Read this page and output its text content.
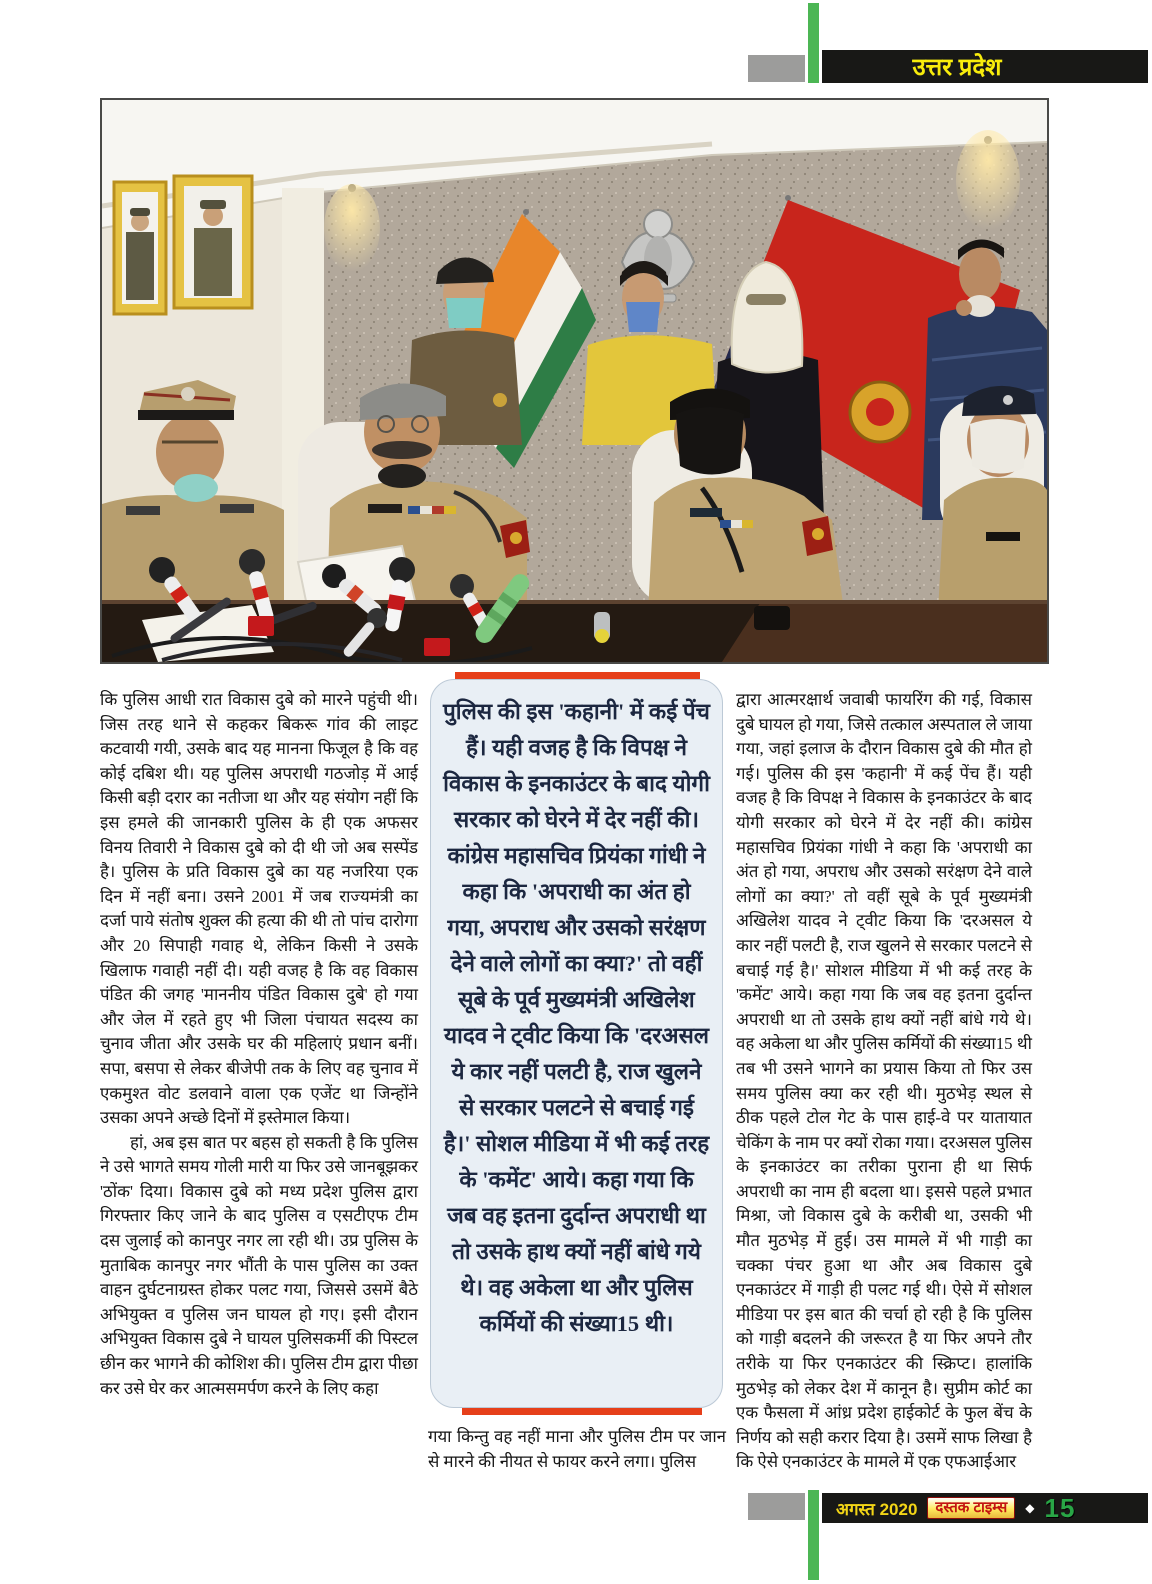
उत्तर प्रदेश

कि पुलिस आधी रात विकास दुबे को मारने पहुंची थी। जिस तरह थाने से कहकर बिकरू गांव की लाइट कटवायी गयी, उसके बाद यह मानना फिजूल है कि वह कोई दबिश थी। यह पुलिस अपराधी गठजोड़ में आई किसी बड़ी दरार का नतीजा था और यह संयोग नहीं कि इस हमले की जानकारी पुलिस के ही एक अफसर विनय तिवारी ने विकास दुबे को दी थी जो अब सस्पेंड है। पुलिस के प्रति विकास दुबे का यह नजरिया एक दिन में नहीं बना। उसने 2001 में जब राज्यमंत्री का दर्जा पाये संतोष शुक्ल की हत्या की थी तो पांच दारोगा और 20 सिपाही गवाह थे, लेकिन किसी ने उसके खिलाफ गवाही नहीं दी। यही वजह है कि वह विकास पंडित की जगह 'माननीय पंडित विकास दुबे' हो गया और जेल में रहते हुए भी जिला पंचायत सदस्य का चुनाव जीता और उसके घर की महिलाएं प्रधान बनीं। सपा, बसपा से लेकर बीजेपी तक के लिए वह चुनाव में एकमुश्त वोट डलवाने वाला एक एजेंट था जिन्होंने उसका अपने अच्छे दिनों में इस्तेमाल किया।

हां, अब इस बात पर बहस हो सकती है कि पुलिस ने उसे भागते समय गोली मारी या फिर उसे जानबूझकर 'ठोंक' दिया। विकास दुबे को मध्य प्रदेश पुलिस द्वारा गिरफ्तार किए जाने के बाद पुलिस व एसटीएफ टीम दस जुलाई को कानपुर नगर ला रही थी। उप्र पुलिस के मुताबिक कानपुर नगर भौंती के पास पुलिस का उक्त वाहन दुर्घटनाग्रस्त होकर पलट गया, जिससे उसमें बैठे अभियुक्त व पुलिस जन घायल हो गए। इसी दौरान अभियुक्त विकास दुबे ने घायल पुलिसकर्मी की पिस्टल छीन कर भागने की कोशिश की। पुलिस टीम द्वारा पीछा कर उसे घेर कर आत्मसमर्पण करने के लिए कहा

पुलिस की इस 'कहानी' में कई पेंच हैं। यही वजह है कि विपक्ष ने विकास के इनकाउंटर के बाद योगी सरकार को घेरने में देर नहीं की। कांग्रेस महासचिव प्रियंका गांधी ने कहा कि 'अपराधी का अंत हो गया, अपराध और उसको सरंक्षण देने वाले लोगों का क्या?' तो वहीं सूबे के पूर्व मुख्यमंत्री अखिलेश यादव ने ट्वीट किया कि 'दरअसल ये कार नहीं पलटी है, राज खुलने से सरकार पलटने से बचाई गई है।' सोशल मीडिया में भी कई तरह के 'कमेंट' आये। कहा गया कि जब वह इतना दुर्दान्त अपराधी था तो उसके हाथ क्यों नहीं बांधे गये थे। वह अकेला था और पुलिस कर्मियों की संख्या15 थी।
गया किन्तु वह नहीं माना और पुलिस टीम पर जान से मारने की नीयत से फायर करने लगा। पुलिस

द्वारा आत्मरक्षार्थ जवाबी फायरिंग की गई, विकास दुबे घायल हो गया, जिसे तत्काल अस्पताल ले जाया गया, जहां इलाज के दौरान विकास दुबे की मौत हो गई। पुलिस की इस 'कहानी' में कई पेंच हैं। यही वजह है कि विपक्ष ने विकास के इनकाउंटर के बाद योगी सरकार को घेरने में देर नहीं की। कांग्रेस महासचिव प्रियंका गांधी ने कहा कि 'अपराधी का अंत हो गया, अपराध और उसको सरंक्षण देने वाले लोगों का क्या?' तो वहीं सूबे के पूर्व मुख्यमंत्री अखिलेश यादव ने ट्वीट किया कि 'दरअसल ये कार नहीं पलटी है, राज खुलने से सरकार पलटने से बचाई गई है।' सोशल मीडिया में भी कई तरह के 'कमेंट' आये। कहा गया कि जब वह इतना दुर्दान्त अपराधी था तो उसके हाथ क्यों नहीं बांधे गये थे। वह अकेला था और पुलिस कर्मियों की संख्या15 थी तब भी उसने भागने का प्रयास किया तो फिर उस समय पुलिस क्या कर रही थी। मुठभेड़ स्थल से ठीक पहले टोल गेट के पास हाई-वे पर यातायात चेकिंग के नाम पर क्यों रोका गया। दरअसल पुलिस के इनकाउंटर का तरीका पुराना ही था सिर्फ अपराधी का नाम ही बदला था। इससे पहले प्रभात मिश्रा, जो विकास दुबे के करीबी था, उसकी भी मौत मुठभेड़ में हुई। उस मामले में भी गाड़ी का चक्का पंचर हुआ था और अब विकास दुबे एनकाउंटर में गाड़ी ही पलट गई थी। ऐसे में सोशल मीडिया पर इस बात की चर्चा हो रही है कि पुलिस को गाड़ी बदलने की जरूरत है या फिर अपने तौर तरीके या फिर एनकाउंटर की स्क्रिप्ट। हालांकि मुठभेड़ को लेकर देश में कानून है। सुप्रीम कोर्ट का एक फैसला में आंध्र प्रदेश हाईकोर्ट के फुल बेंच के निर्णय को सही करार दिया है। उसमें साफ लिखा है कि ऐसे एनकाउंटर के मामले में एक एफआईआर

अगस्त 2020	दस्तक टाइम्स	◆ 15
